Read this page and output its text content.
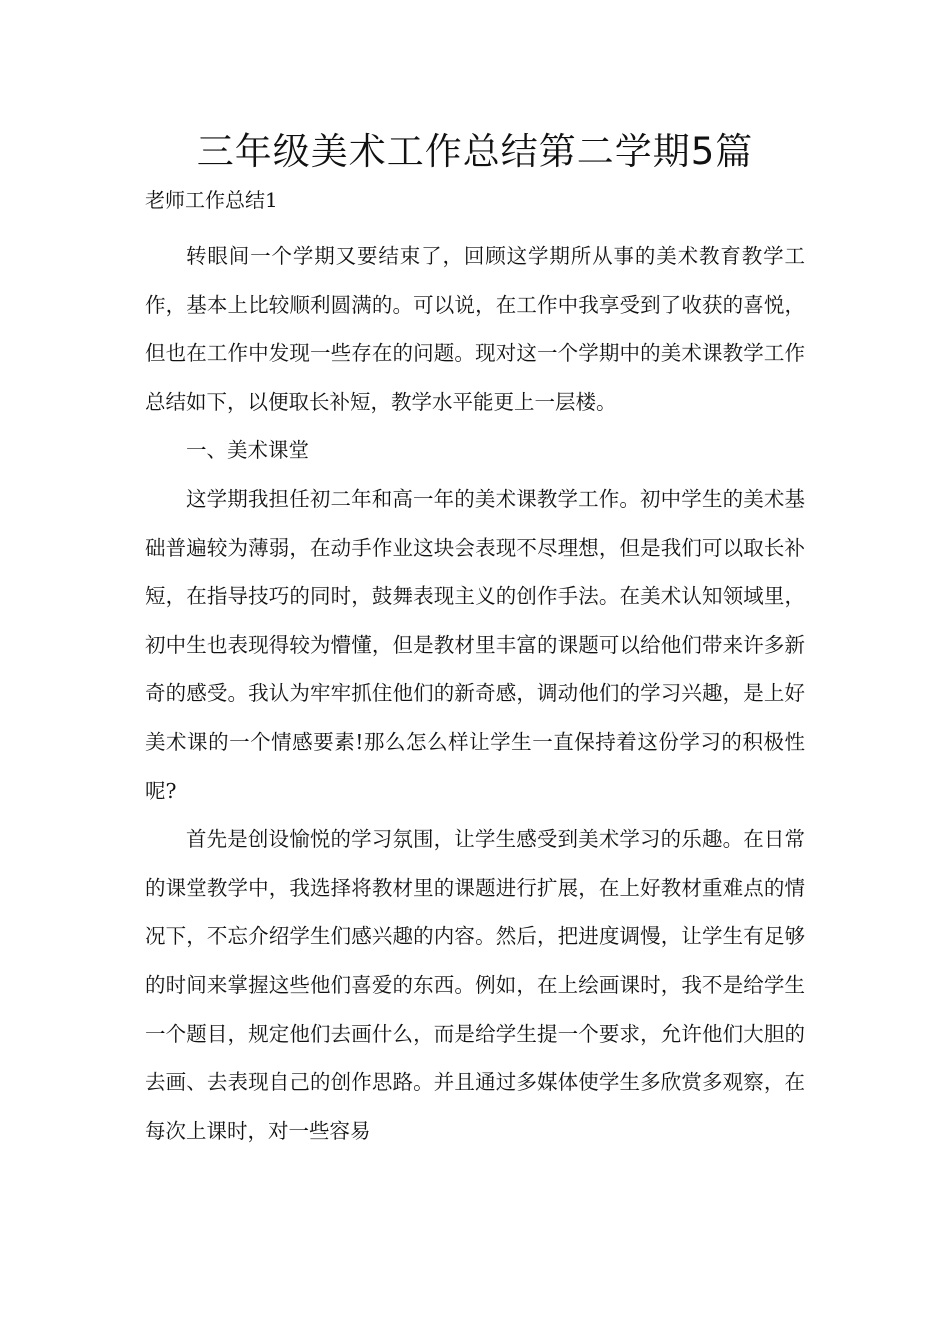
三年级美术工作总结第二学期5篇

老师工作总结1

转眼间一个学期又要结束了，回顾这学期所从事的美术教育教学工作，基本上比较顺利圆满的。可以说，在工作中我享受到了收获的喜悦，但也在工作中发现一些存在的问题。现对这一个学期中的美术课教学工作总结如下，以便取长补短，教学水平能更上一层楼。

一、美术课堂

这学期我担任初二年和高一年的美术课教学工作。初中学生的美术基础普遍较为薄弱，在动手作业这块会表现不尽理想，但是我们可以取长补短，在指导技巧的同时，鼓舞表现主义的创作手法。在美术认知领域里，初中生也表现得较为懵懂，但是教材里丰富的课题可以给他们带来许多新奇的感受。我认为牢牢抓住他们的新奇感，调动他们的学习兴趣，是上好美术课的一个情感要素!那么怎么样让学生一直保持着这份学习的积极性呢?

首先是创设愉悦的学习氛围，让学生感受到美术学习的乐趣。在日常的课堂教学中，我选择将教材里的课题进行扩展，在上好教材重难点的情况下，不忘介绍学生们感兴趣的内容。然后，把进度调慢，让学生有足够的时间来掌握这些他们喜爱的东西。例如，在上绘画课时，我不是给学生一个题目，规定他们去画什么，而是给学生提一个要求，允许他们大胆的去画、去表现自己的创作思路。并且通过多媒体使学生多欣赏多观察，在每次上课时，对一些容易
